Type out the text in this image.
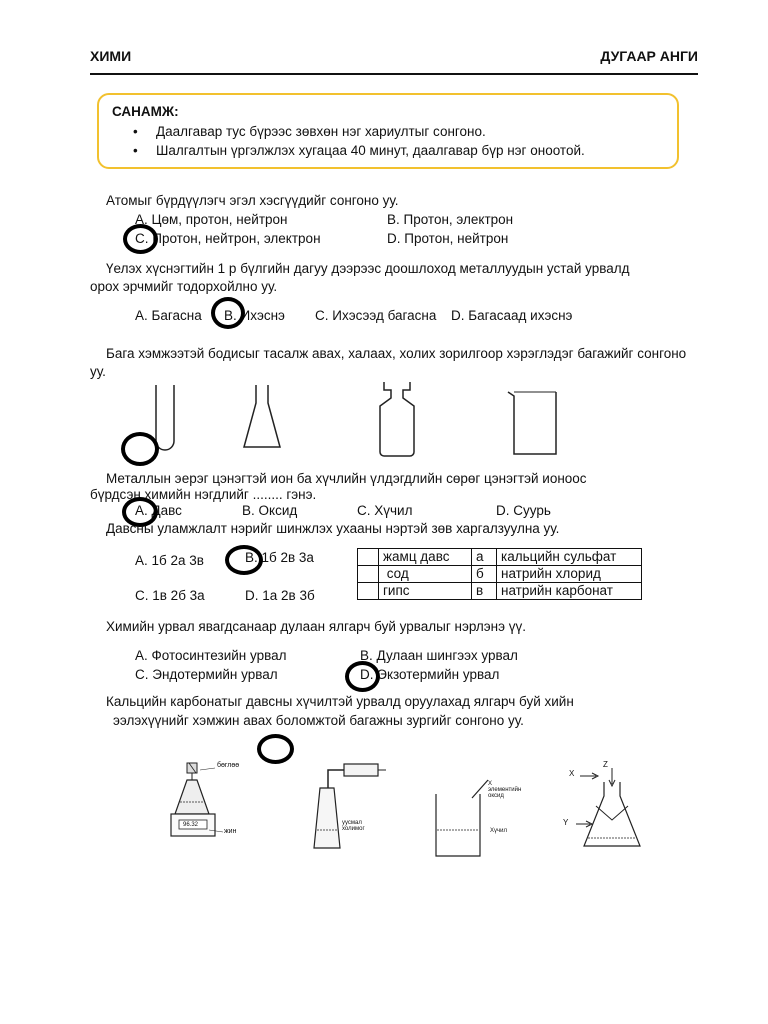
ХИМИ	ДУГААР АНГИ
САНАМЖ:
• Даалгавар тус бүрээс зөвхөн нэг хариултыг сонгоно.
• Шалгалтын үргэлжлэх хугацаа 40 минут, даалгавар бүр нэг оноотой.
Атомыг бүрдүүлэгч эгэл хэсгүүдийг сонгоно уу.
А. Цөм, протон, нейтрон	B. Протон, электрон
C. Протон, нейтрон, электрон	D. Протон, нейтрон
Үелэх хүснэгтийн 1 р бүлгийн дагуу дээрээс доошлоход металлуудын устай урвалд
орох эрчмийг тодорхойлно уу.
А. Багасна B. Ихэснэ C. Ихэсээд багасна D. Багасаад ихэснэ
Бага хэмжээтэй бодисыг тасалж авах, халаах, холих зорилгоор хэрэглэдэг багажийг сонгоно
уу.
Металлын эерэг цэнэгтэй ион ба хүчлийн үлдэгдлийн сөрөг цэнэгтэй ионоос
бүрдсэн химийн нэгдлийг ........ гэнэ.
А. Давс	B. Оксид	C. Хүчил	D. Суурь
Давсны уламжлалт нэрийг шинжлэх ухааны нэртэй зөв харгалзуулна уу.
А. 1б 2а 3в	B. 1б 2в 3а
C. 1в 2б 3а	D. 1а 2в 3б
	жамц давс	а	кальцийн сульфат
	сод	б	натрийн хлорид
	гипс	в	натрийн карбонат
Химийн урвал явагдсанаар дулаан ялгарч буй урвалыг нэрлэнэ үү.
А. Фотосинтезийн урвал	B. Дулаан шингээх урвал
C. Эндотермийн урвал	D. Экзотермийн урвал
Кальцийн карбонатыг давсны хүчилтэй урвалд оруулахад ялгарч буй хийн
ээлэхүүнийг хэмжин авах боломжтой багажны зургийг сонгоно уу.
бөглөө
96.32
жин
уусмал холимог
Х элементийн оксид
Хүчил
X
Y
Z
